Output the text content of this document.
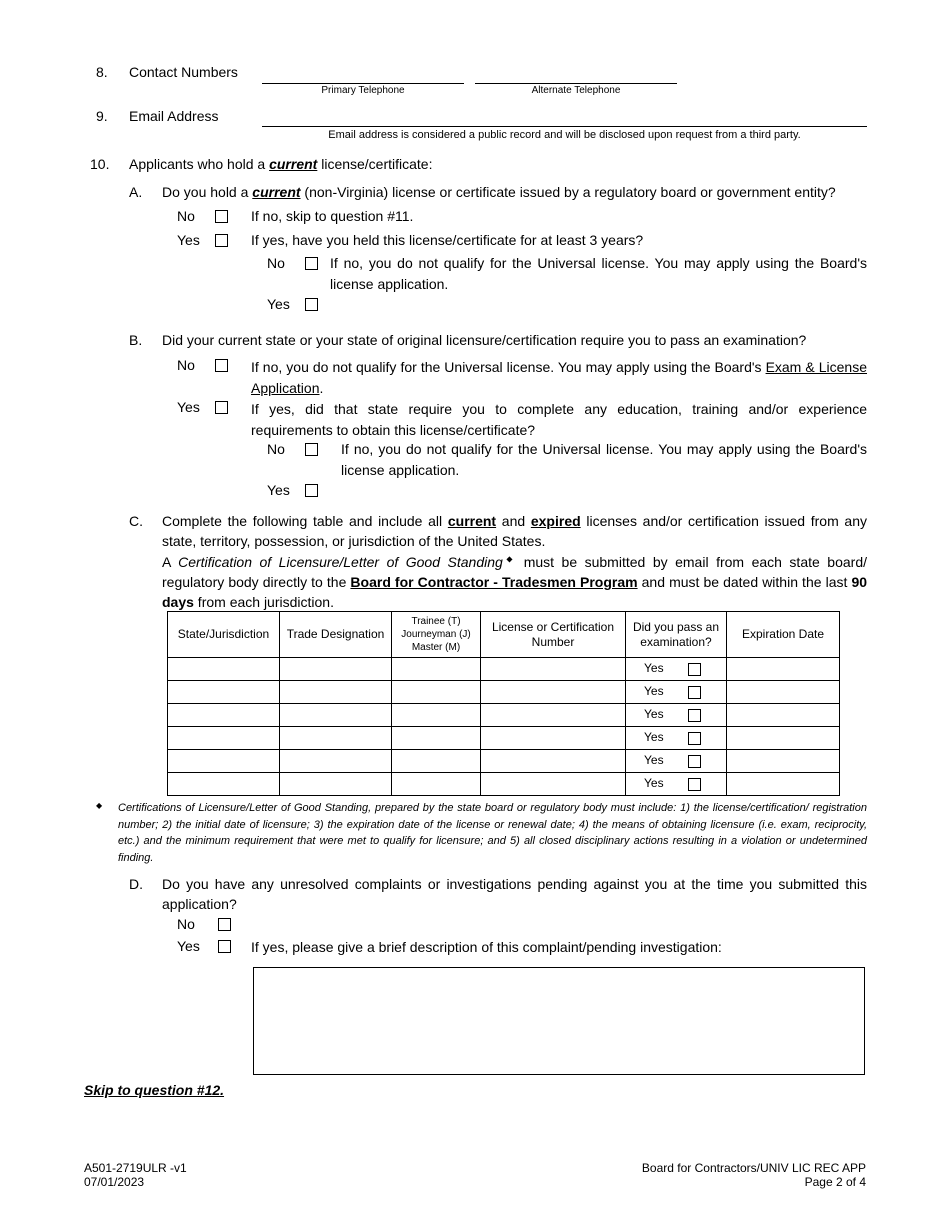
8. Contact Numbers
Primary Telephone	Alternate Telephone
9. Email Address
Email address is considered a public record and will be disclosed upon request from a third party.
10. Applicants who hold a current license/certificate:
A. Do you hold a current (non-Virginia) license or certificate issued by a regulatory board or government entity?
No	If no, skip to question #11.
Yes	If yes, have you held this license/certificate for at least 3 years?
No	If no, you do not qualify for the Universal license. You may apply using the Board's license application.
Yes
B. Did your current state or your state of original licensure/certification require you to pass an examination?
No	If no, you do not qualify for the Universal license. You may apply using the Board's Exam & License Application.
Yes	If yes, did that state require you to complete any education, training and/or experience requirements to obtain this license/certificate?
No	If no, you do not qualify for the Universal license. You may apply using the Board's license application.
Yes
C. Complete the following table and include all current and expired licenses and/or certification issued from any state, territory, possession, or jurisdiction of the United States.
A Certification of Licensure/Letter of Good Standing◆ must be submitted by email from each state board/ regulatory body directly to the Board for Contractor - Tradesmen Program and must be dated within the last 90 days from each jurisdiction.
State/Jurisdiction	Trade Designation	Trainee (T) Journeyman (J) Master (M)	License or Certification Number	Did you pass an examination?	Expiration Date

				Yes	

				Yes	

				Yes	

				Yes	

				Yes	

				Yes	

◆ Certifications of Licensure/Letter of Good Standing, prepared by the state board or regulatory body must include: 1) the license/certification/ registration number; 2) the initial date of licensure; 3) the expiration date of the license or renewal date; 4) the means of obtaining licensure (i.e. exam, reciprocity, etc.) and the minimum requirement that were met to qualify for licensure; and 5) all closed disciplinary actions resulting in a violation or undetermined finding.
D. Do you have any unresolved complaints or investigations pending against you at the time you submitted this application?
No
Yes	If yes, please give a brief description of this complaint/pending investigation:
Skip to question #12.
A501-2719ULR -v1
07/01/2023
Board for Contractors/UNIV LIC REC APP
Page 2 of 4
